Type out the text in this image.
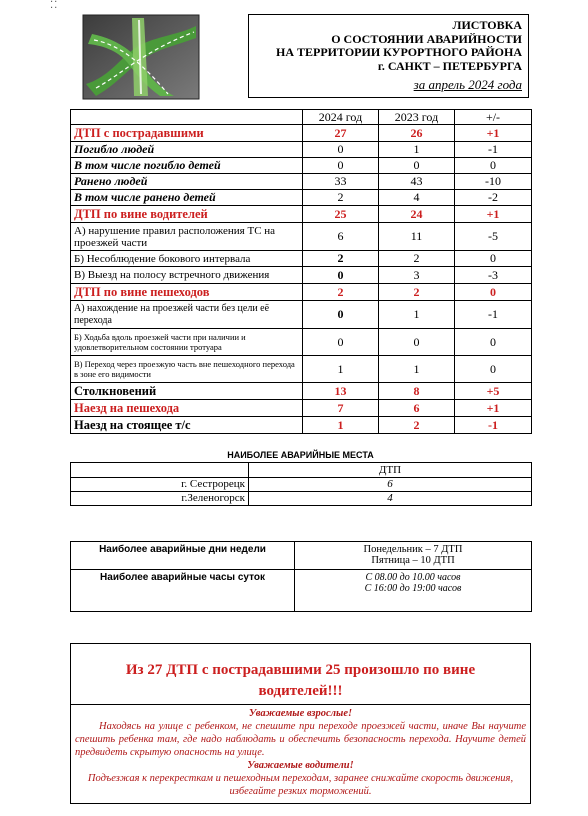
⁚⁚
ЛИСТОВКА
О СОСТОЯНИИ АВАРИЙНОСТИ
НА ТЕРРИТОРИИ КУРОРТНОГО РАЙОНА
г. САНКТ – ПЕТЕРБУРГА
за апрель 2024 года
	2024 год	2023 год	+/-
ДТП с пострадавшими	27	26	+1
Погибло людей	0	1	-1
В том числе погибло детей	0	0	0
Ранено людей	33	43	-10
В том числе ранено детей	2	4	-2
ДТП по вине водителей	25	24	+1
А) нарушение правил расположения ТС на проезжей части	6	11	-5
Б) Несоблюдение бокового интервала	2	2	0
В) Выезд на полосу встречного движения	0	3	-3
ДТП по вине пешеходов	2	2	0
А) нахождение на проезжей части без цели её перехода	0	1	-1
Б) Ходьба вдоль проезжей части при наличии и удовлетворительном состоянии тротуара	0	0	0
В) Переход через проезжую часть вне пешеходного перехода в зоне его видимости	1	1	0
Столкновений	13	8	+5
Наезд на пешехода	7	6	+1
Наезд на стоящее т/с	1	2	-1
НАИБОЛЕЕ АВАРИЙНЫЕ МЕСТА
	ДТП
г. Сестрорецк	6
г.Зеленогорск	4
Наиболее аварийные дни недели	Понедельник – 7 ДТП
Пятница – 10 ДТП

Наиболее аварийные часы суток	С 08.00 до 10.00 часов
С 16:00 до 19:00 часов
Из 27 ДТП с пострадавшими 25 произошло по вине водителей!!!
Уважаемые взрослые!
Находясь на улице с ребенком, не спешите при переходе проезжей части, иначе Вы научите спешить ребенка там, где надо наблюдать и обеспечить безопасность перехода. Научите детей предвидеть скрытую опасность на улице.
Уважаемые водители!
Подъезжая к перекресткам и пешеходным переходам, заранее снижайте скорость движения, избегайте резких торможений.
